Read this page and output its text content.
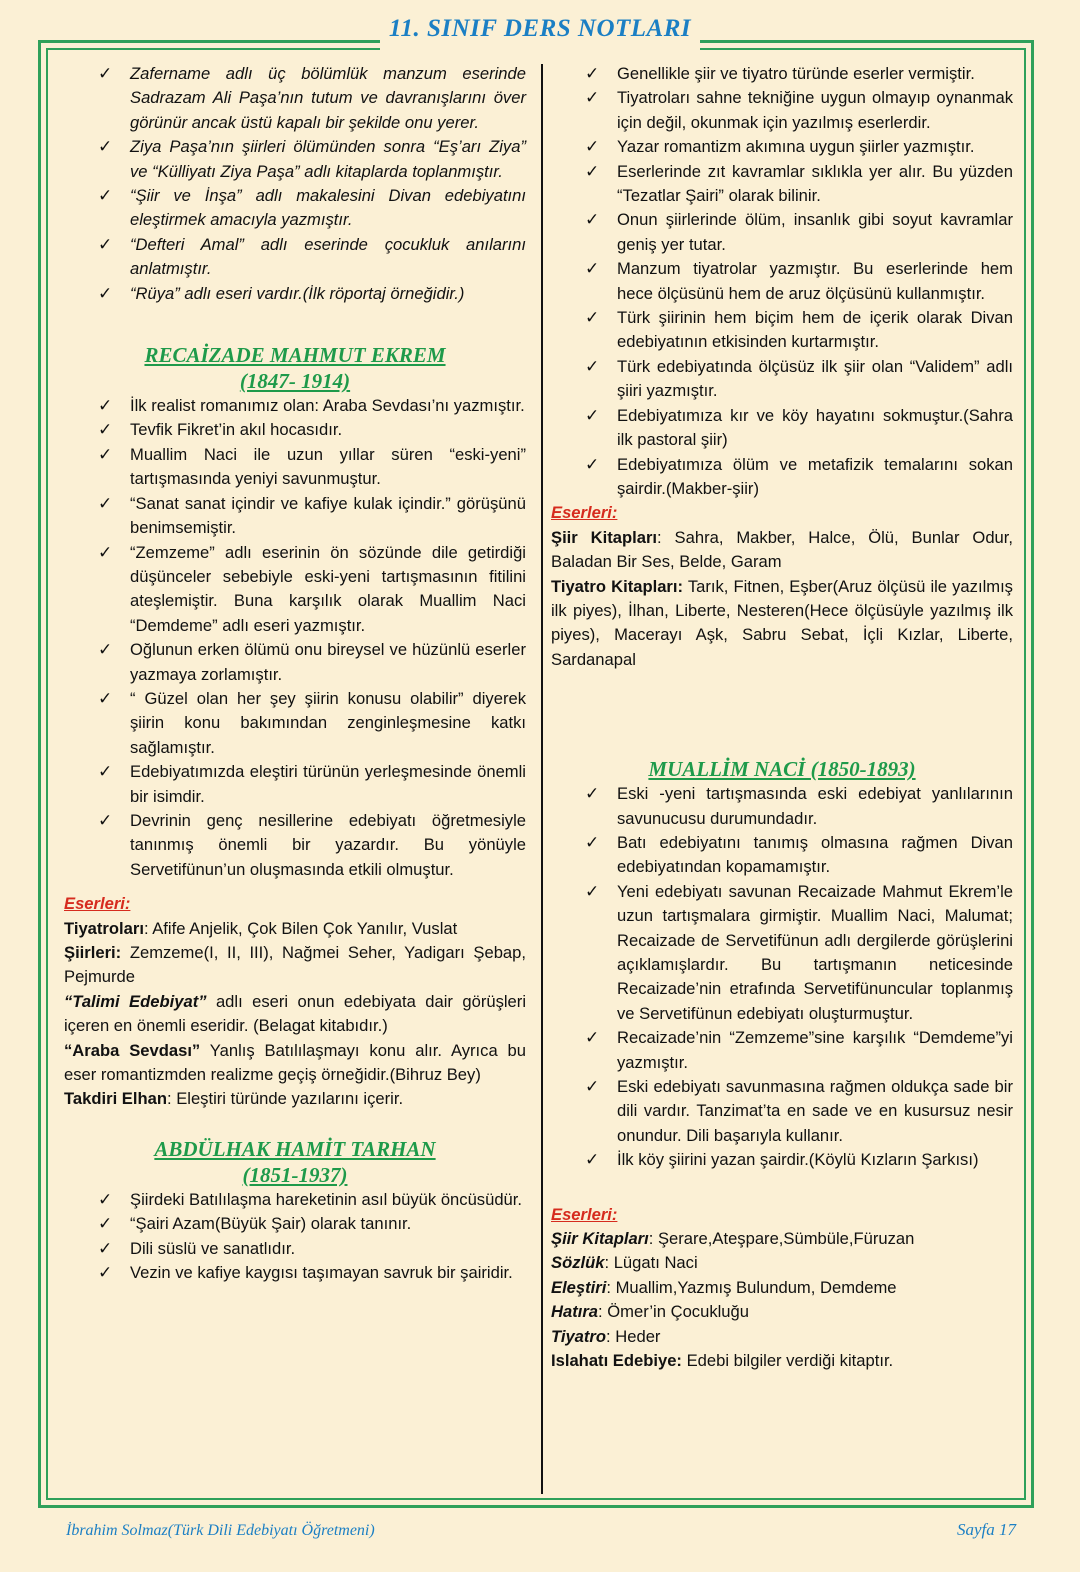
11. SINIF DERS NOTLARI
✓ Zafername adlı üç bölümlük manzum eserinde Sadrazam Ali Paşa’nın tutum ve davranışlarını över görünür ancak üstü kapalı bir şekilde onu yerer.
✓ Ziya Paşa’nın şiirleri ölümünden sonra “Eş’arı Ziya” ve “Külliyatı Ziya Paşa” adlı kitaplarda toplanmıştır.
✓ “Şiir ve İnşa” adlı makalesini Divan edebiyatını eleştirmek amacıyla yazmıştır.
✓ “Defteri Amal” adlı eserinde çocukluk anılarını anlatmıştır.
✓ “Rüya” adlı eseri vardır.(İlk röportaj örneğidir.)
RECAİZADE MAHMUT EKREM
(1847- 1914)
✓ İlk realist romanımız olan: Araba Sevdası’nı yazmıştır.
✓ Tevfik Fikret’in akıl hocasıdır.
✓ Muallim Naci ile uzun yıllar süren “eski-yeni” tartışmasında yeniyi savunmuştur.
✓ “Sanat sanat içindir ve kafiye kulak içindir.” görüşünü benimsemiştir.
✓ “Zemzeme” adlı eserinin ön sözünde dile getirdiği düşünceler sebebiyle eski-yeni tartışmasının fitilini ateşlemiştir. Buna karşılık olarak Muallim Naci “Demdeme” adlı eseri yazmıştır.
✓ Oğlunun erken ölümü onu bireysel ve hüzünlü eserler yazmaya zorlamıştır.
✓ “ Güzel olan her şey şiirin konusu olabilir” diyerek şiirin konu bakımından zenginleşmesine katkı sağlamıştır.
✓ Edebiyatımızda eleştiri türünün yerleşmesinde önemli bir isimdir.
✓ Devrinin genç nesillerine edebiyatı öğretmesiyle tanınmış önemli bir yazardır. Bu yönüyle Servetifünun’un oluşmasında etkili olmuştur.
Eserleri:
Tiyatroları: Afife Anjelik, Çok Bilen Çok Yanılır, Vuslat
Şiirleri: Zemzeme(I, II, III), Nağmei Seher, Yadigarı Şebap, Pejmurde
“Talimi Edebiyat” adlı eseri onun edebiyata dair görüşleri içeren en önemli eseridir. (Belagat kitabıdır.)
“Araba Sevdası” Yanlış Batılılaşmayı konu alır. Ayrıca bu eser romantizmden realizme geçiş örneğidir.(Bihruz Bey)
Takdiri Elhan: Eleştiri türünde yazılarını içerir.
ABDÜLHAK HAMİT TARHAN
(1851-1937)
✓ Şiirdeki Batılılaşma hareketinin asıl büyük öncüsüdür.
✓ “Şairi Azam(Büyük Şair) olarak tanınır.
✓ Dili süslü ve sanatlıdır.
✓ Vezin ve kafiye kaygısı taşımayan savruk bir şairidir.
✓ Genellikle şiir ve tiyatro türünde eserler vermiştir.
✓ Tiyatroları sahne tekniğine uygun olmayıp oynanmak için değil, okunmak için yazılmış eserlerdir.
✓ Yazar romantizm akımına uygun şiirler yazmıştır.
✓ Eserlerinde zıt kavramlar sıklıkla yer alır. Bu yüzden “Tezatlar Şairi” olarak bilinir.
✓ Onun şiirlerinde ölüm, insanlık gibi soyut kavramlar geniş yer tutar.
✓ Manzum tiyatrolar yazmıştır. Bu eserlerinde hem hece ölçüsünü hem de aruz ölçüsünü kullanmıştır.
✓ Türk şiirinin hem biçim hem de içerik olarak Divan edebiyatının etkisinden kurtarmıştır.
✓ Türk edebiyatında ölçüsüz ilk şiir olan “Validem” adlı şiiri yazmıştır.
✓ Edebiyatımıza kır ve köy hayatını sokmuştur.(Sahra ilk pastoral şiir)
✓ Edebiyatımıza ölüm ve metafizik temalarını sokan şairdir.(Makber-şiir)
Eserleri:
Şiir Kitapları: Sahra, Makber, Halce, Ölü, Bunlar Odur, Baladan Bir Ses, Belde, Garam
Tiyatro Kitapları: Tarık, Fitnen, Eşber(Aruz ölçüsü ile yazılmış ilk piyes), İlhan, Liberte, Nesteren(Hece ölçüsüyle yazılmış ilk piyes), Macerayı Aşk, Sabru Sebat, İçli Kızlar, Liberte, Sardanapal
MUALLİM NACİ (1850-1893)
✓ Eski -yeni tartışmasında eski edebiyat yanlılarının savunucusu durumundadır.
✓ Batı edebiyatını tanımış olmasına rağmen Divan edebiyatından kopamamıştır.
✓ Yeni edebiyatı savunan Recaizade Mahmut Ekrem’le uzun tartışmalara girmiştir. Muallim Naci, Malumat; Recaizade de Servetifünun adlı dergilerde görüşlerini açıklamışlardır. Bu tartışmanın neticesinde Recaizade’nin etrafında Servetifünuncular toplanmış ve Servetifünun edebiyatı oluşturmuştur.
✓ Recaizade’nin “Zemzeme”sine karşılık “Demdeme”yi yazmıştır.
✓ Eski edebiyatı savunmasına rağmen oldukça sade bir dili vardır. Tanzimat’ta en sade ve en kusursuz nesir onundur. Dili başarıyla kullanır.
✓ İlk köy şiirini yazan şairdir.(Köylü Kızların Şarkısı)
Eserleri:
Şiir Kitapları: Şerare,Ateşpare,Sümbüle,Füruzan
Sözlük: Lügatı Naci
Eleştiri: Muallim,Yazmış Bulundum, Demdeme
Hatıra: Ömer’in Çocukluğu
Tiyatro: Heder
Islahatı Edebiye: Edebi bilgiler verdiği kitaptır.
İbrahim Solmaz(Türk Dili Edebiyatı Öğretmeni)	Sayfa 17
